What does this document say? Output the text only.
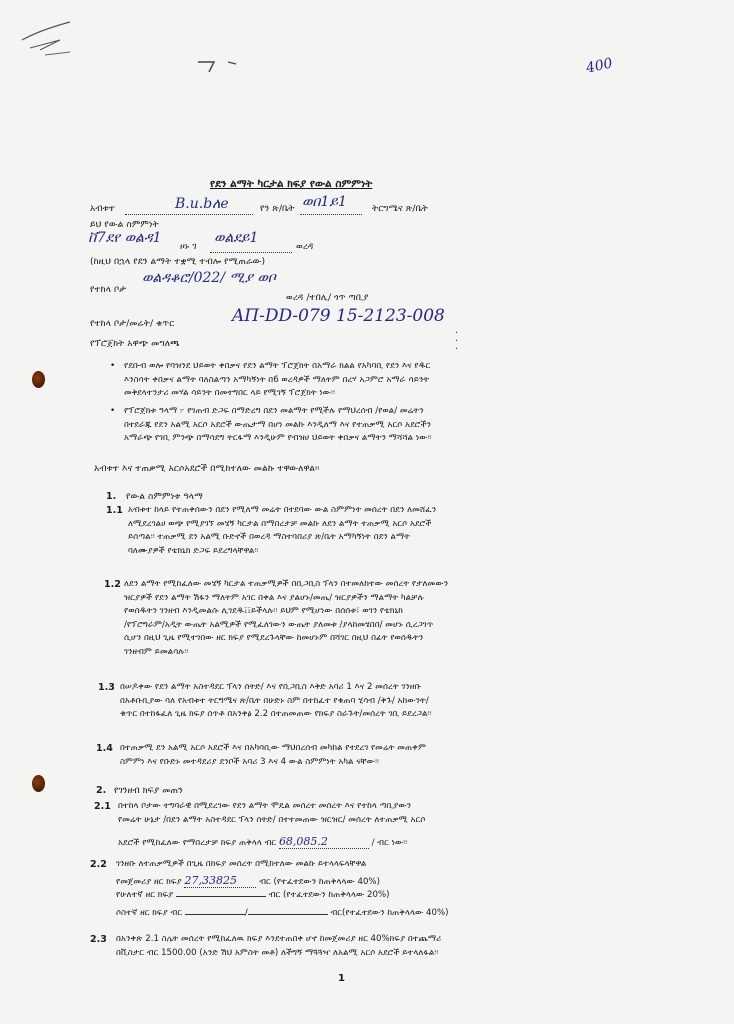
400
የደን ልማት ካርታል ክፍያ የውል ስምምነት
አብቱተ	B.u.bለe	የን ጽ/ቤት ወበ1ይ1	ትርግሜና ጽ/ቤት
ይህ የውል ስምምነት
ቨ7ደየ ወልዳ1
ዞኑ ገ
ወልደይ1
ወረዳ
(ከዚህ በኋላ የደን ልማት ተቋሚ ተብሎ የሚጠራው)
የተከላ ቦታ
ወልዳቆሮ/022/ ሚያ ወቦ
ወረዳ /ተበሊ/ ጎጥ ጣቢያ
የተከላ ቦታ/መሬት/ ቁጥር	ΑΠ-DD-079 15-2123-008
የፕሮጀክት አዋጭ መግለጫ
·
·
·
• የደቡብ ወሎ የባዝንደ ህይወት ቀበቃና የደን ልማት ፕሮጀክት በአማራ ክልል የአካባቢ የደን እና የዱር
እንስሳት ቀበቃና ልማት ባለስልጣን አማካኝነት በ6 ወረዳዎች ማለትም በረሃ አጋምሮ አማራ ሳይንት
መቅደላተንታሪ መሃል ሳይንት በመተግበር ላይ የሚገኝ ፕሮጀክት ነው፡፡
• የፕሮጀክቱ ዓላማ ፦ የገጠብ ድጋፍ በማድረግ በደን መልማት የሚችሉ የማህረሰብ /የወል/ መሬትን
በተደራጁ የደን አልሚ አርሶ አደሮች ውጤታማ በሆነ መልኩ እንዲለማ እና የተጠቃሚ አርሶ አደሮችን
አማራጭ የገቢ ምንጭ በማሳደግ ትርፋማ እንዲሁም የብዝሀ ህይወት ቀበቃና ልማትን ማሻሻል ነው፡፡
አብቱተ እና ተጠቃሚ አርሶአደሮች በሚከተለው መልኩ ተዋውለዋል፡፡
1. የውል ስምምነቱ ዓላማ
1.1 አብቱተ ከላይ የተጠቀሰውን በደን የሚለማ መሬት በተደባው ውል ስምምነት መሰረት በደን ለመሸፈን
ለሚደረገልሀ ወጭ የሚያገኘ መሄኝ ካርታል በማበረታቻ መልኩ ለደን ልማት ተጠቃሚ አርሶ አደሮች
ይሰጣል፡፡ ተጠቃሚ ደን አልሚ ቡድኖች በወረዳ ማስተባበሪያ ጽ/ቤት አማካኝነት በደን ልማት
ባለሙያዎች የቴክኒክ ድጋፍ ይደረግላቸዋል፡፡
1.2 ለደን ልማት የሚከፈለው መሄኝ ካርታል ተጠቃሚዎች በቢጋቢስ ፕላን በተመለከተው መሰረት የታለመውን
ዝርያዎች የደን ልማት ሽፋን ማለትም አገር በቀል እና ያልሆኑ/መጤ/ ዝርያዎችን ማልማት ካልቻሉ
የወሰዱትን ገንዘብ እንዲመልሱ ሊገደዱ፤፤ይችላሉ፡፡ ይህም የሚሆነው በሰሰቱ፣ ወገን የቴክኒክ
/የፕሮግራም/አዲት ውጤት አልሚዎች የሚፈለገውን ውጤት ያለመቱ /ያላከመሄበበ/ መሆኑ ሲረጋገጥ
ሲሆን በዚህ ጊዜ የሚተገበው ዘር ክፍያ የሚደረጉላቸው ከመሆኑም በሻገር በዚህ በፊት የወሰዱትን
ገንዘብም ይመልሳሉ፡፡
1.3 በሠዶቀው የደን ልማት አስተዳደር ፕላን ሰትድ/ እና የቢጋቢስ እቅድ አባሪ 1 እና 2 መሰረት ገንዘቡ
በአቶቡቢያው ባለ የአብቱተ ትርግሜና ጽ/ቤት በሁድኑ ስም በተከፈተ የቁጠባ ሂሳብ /ቅጉ/ አከውንት/
ቁጥር በተከፋፈለ ጊዜ ክፍያ ሰጥቶ በአንቀፅ 2.2 በተጠመጠው የክፍያ ስራጉት/መሰረት ገቢ ይደረጋል፡፡
1.4 በተጠቃሚ ደን አልሚ አርሶ አደሮች እና በአካባቢው ማህበረሰብ መካከል የተደረገ የመሬት መጠቀም
ስምምነ እና የቡድኑ መተዳደሪያ ደንቦች አባሪ 3 እና 4 ውል ስምምነት አካል ናቸው፡፡
2. የገንዘብ ክፍያ መጠን
2.1 በተከላ ቦታው ተግባራዊ በሚደረገው የደን ልማት ሞዴል መሰረተ መሰረት እና የተከላ ጣቢያውን
የመሬት ሁኔታ /በደን ልማት አስተዳደር ፕላን ሰትድ/ በተተመጠው ዝርዝር/ መሰረት ለተጠቃሚ አርሶ
አደሮች የሚከፈለው የማበረታቻ ክፍያ ጠቅላላ ብር 68,085.2	/ ብር ነው፡፡
2.2 ገንዘቡ ለተጠቃሚዎች በጊዜ በክፍያ መሰረት በሚከተለው መልኩ ይተላላፍላቸዋል
የመጀመሪያ ዘር ክፍያ 27,33825	ብር (የተፈተደውን ከጠቅላላው 40%)
የሁለተኛ ዘር ክፍያ	ብር (የተፈተደውን ከጠቅላላው 20%)
ሶስተኛ ዘር ክፍያ ብር	/	ብር(የተፈተደውን ከጠቅላላው 40%)
2.3 በአንቀጽ 2.1 ስሌት መሰረት የሚከፈለዉ ክፍያ እንደተጠበቀ ሆኖ ከመጀመሪያ ዘር 40%ክፍያ በተጨማሪ
በቪስታር ብር 1500.00 (አንድ ሽህ አምስት መቶ) ለችግኝ ማጓጓዣ ለአልሚ አርሶ አደሮች ይተላለፋል፡፡
1
